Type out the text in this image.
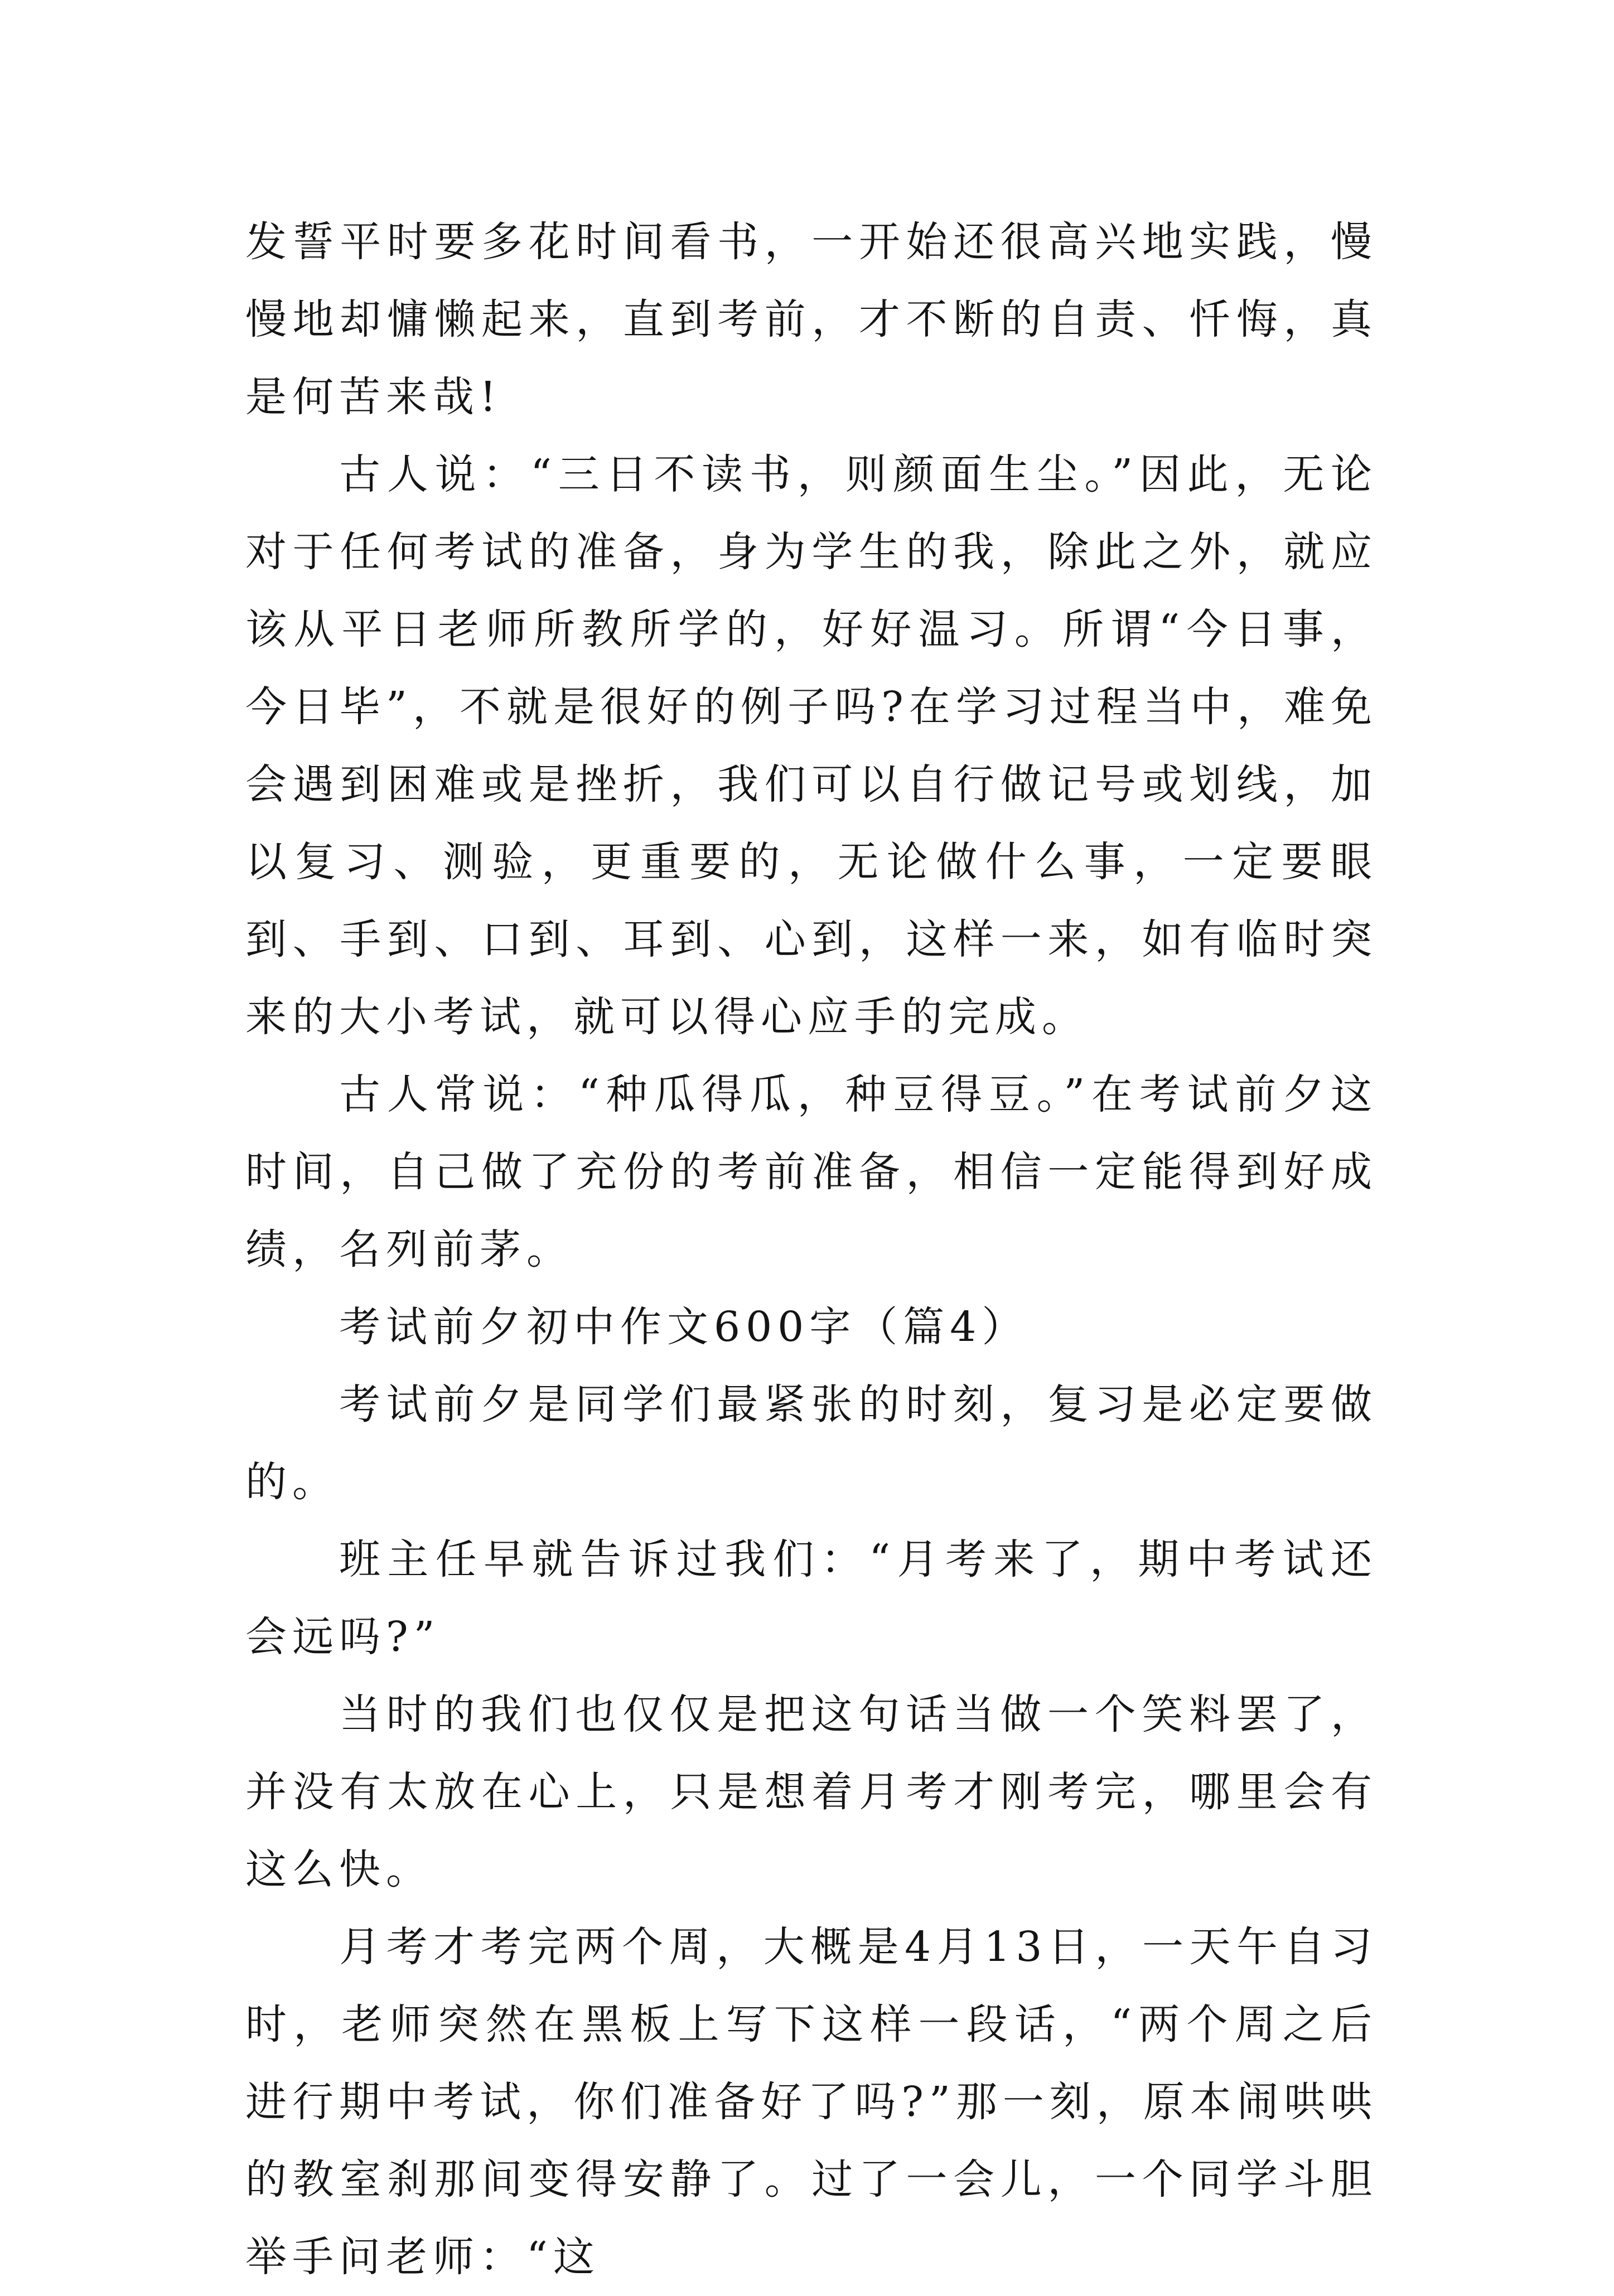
发誓平时要多花时间看书，一开始还很高兴地实践，慢慢地却慵懒起来，直到考前，才不断的自责、忏悔，真是何苦来哉!

古人说：“三日不读书，则颜面生尘。”因此，无论对于任何考试的准备，身为学生的我，除此之外，就应该从平日老师所教所学的，好好温习。所谓“今日事，今日毕”，不就是很好的例子吗?在学习过程当中，难免会遇到困难或是挫折，我们可以自行做记号或划线，加以复习、测验，更重要的，无论做什么事，一定要眼到、手到、口到、耳到、心到，这样一来，如有临时突来的大小考试，就可以得心应手的完成。

古人常说：“种瓜得瓜，种豆得豆。”在考试前夕这时间，自己做了充份的考前准备，相信一定能得到好成绩，名列前茅。

考试前夕初中作文600字（篇4）

考试前夕是同学们最紧张的时刻，复习是必定要做的。

班主任早就告诉过我们：“月考来了，期中考试还会远吗?”

当时的我们也仅仅是把这句话当做一个笑料罢了，并没有太放在心上，只是想着月考才刚考完，哪里会有这么快。

月考才考完两个周，大概是4月13日，一天午自习时，老师突然在黑板上写下这样一段话，“两个周之后进行期中考试，你们准备好了吗?”那一刻，原本闹哄哄的教室刹那间变得安静了。过了一会儿，一个同学斗胆举手问老师：“这
